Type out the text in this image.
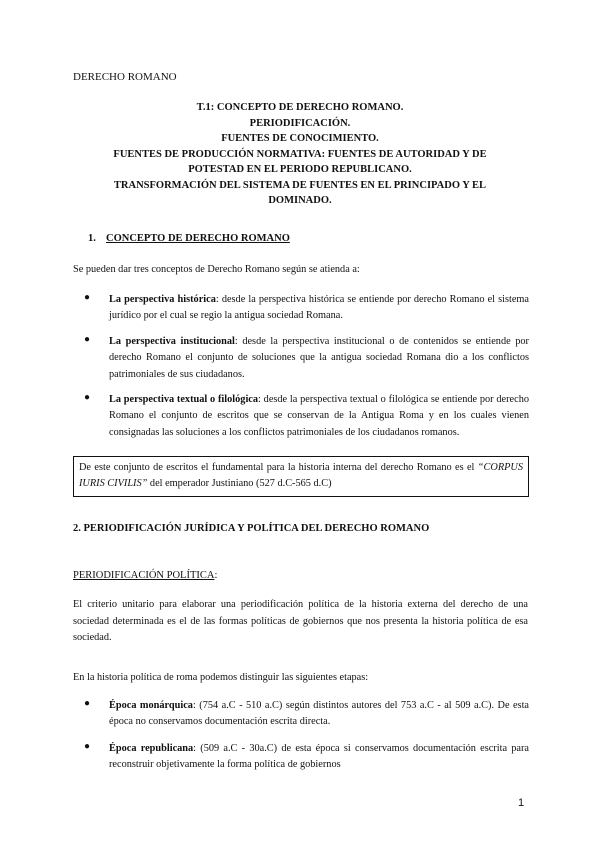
DERECHO ROMANO
T.1: CONCEPTO DE DERECHO ROMANO.
PERIODIFICACIÓN.
FUENTES DE CONOCIMIENTO.
FUENTES DE PRODUCCIÓN NORMATIVA: FUENTES DE AUTORIDAD Y DE
POTESTAD EN EL PERIODO REPUBLICANO.
TRANSFORMACIÓN DEL SISTEMA DE FUENTES EN EL PRINCIPADO Y EL
DOMINADO.
1. CONCEPTO DE DERECHO ROMANO
Se pueden dar tres conceptos de Derecho Romano según se atienda a:
● La perspectiva histórica: desde la perspectiva histórica se entiende por derecho Romano el sistema jurídico por el cual se regio la antigua sociedad Romana.
● La perspectiva institucional: desde la perspectiva institucional o de contenidos se entiende por derecho Romano el conjunto de soluciones que la antigua sociedad Romana dio a los conflictos patrimoniales de sus ciudadanos.
● La perspectiva textual o filológica: desde la perspectiva textual o filológica se entiende por derecho Romano el conjunto de escritos que se conservan de la Antigua Roma y en los cuales vienen consignadas las soluciones a los conflictos patrimoniales de los ciudadanos romanos.
De este conjunto de escritos el fundamental para la historia interna del derecho Romano es el “CORPUS IURIS CIVILIS” del emperador Justiniano (527 d.C-565 d.C)
2. PERIODIFICACIÓN JURÍDICA Y POLÍTICA DEL DERECHO ROMANO
PERIODIFICACIÓN POLÍTICA:
El criterio unitario para elaborar una periodificación política de la historia externa del derecho de una sociedad determinada es el de las formas políticas de gobiernos que nos presenta la historia política de esa sociedad.
En la historia política de roma podemos distinguir las siguientes etapas:
● Época monárquica: (754 a.C - 510 a.C) según distintos autores del 753 a.C - al 509 a.C). De esta época no conservamos documentación escrita directa.
● Época republicana: (509 a.C - 30a.C) de esta época si conservamos documentación escrita para reconstruir objetivamente la forma política de gobiernos
1
